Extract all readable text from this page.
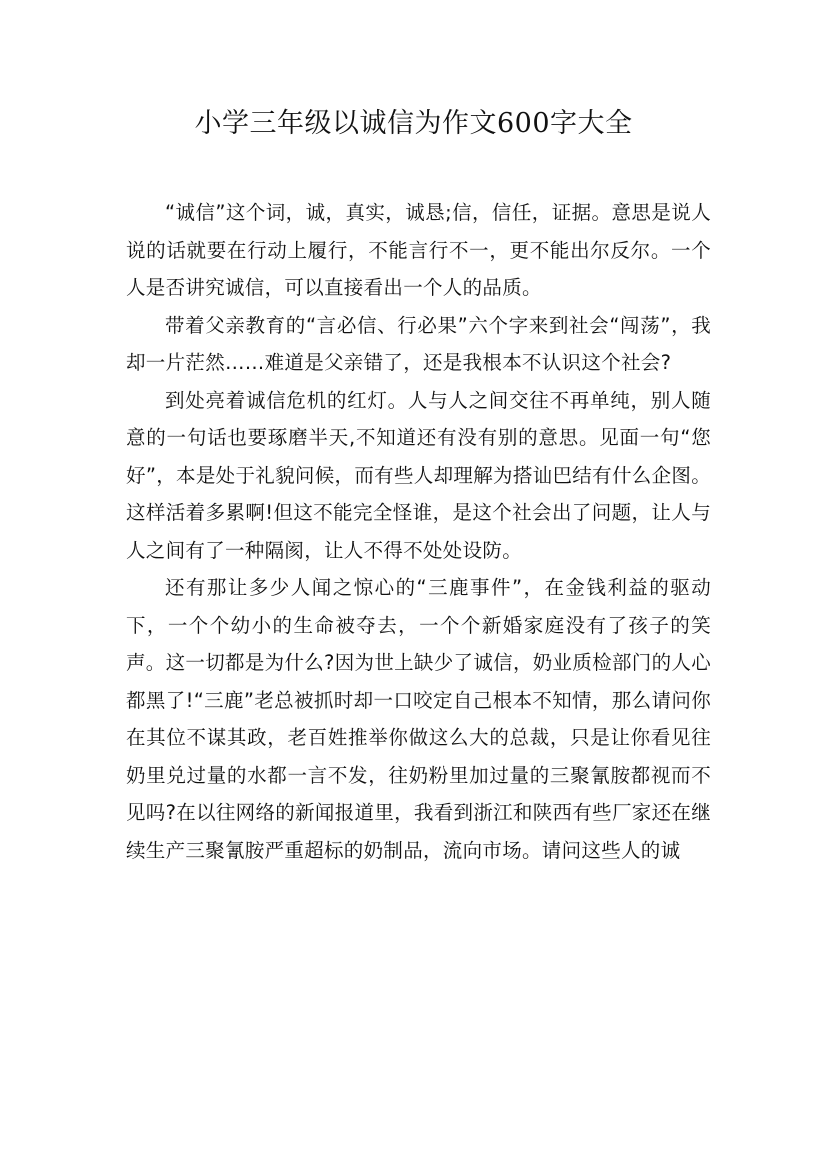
小学三年级以诚信为作文600字大全

“诚信”这个词，诚，真实，诚恳;信，信任，证据。意思是说人说的话就要在行动上履行，不能言行不一，更不能出尔反尔。一个人是否讲究诚信，可以直接看出一个人的品质。

带着父亲教育的“言必信、行必果”六个字来到社会“闯荡”，我却一片茫然……难道是父亲错了，还是我根本不认识这个社会?

到处亮着诚信危机的红灯。人与人之间交往不再单纯，别人随意的一句话也要琢磨半天,不知道还有没有别的意思。见面一句“您好”，本是处于礼貌问候，而有些人却理解为搭讪巴结有什么企图。这样活着多累啊!但这不能完全怪谁，是这个社会出了问题，让人与人之间有了一种隔阂，让人不得不处处设防。

还有那让多少人闻之惊心的“三鹿事件”，在金钱利益的驱动下，一个个幼小的生命被夺去，一个个新婚家庭没有了孩子的笑声。这一切都是为什么?因为世上缺少了诚信，奶业质检部门的人心都黑了!“三鹿”老总被抓时却一口咬定自己根本不知情，那么请问你在其位不谋其政，老百姓推举你做这么大的总裁，只是让你看见往奶里兑过量的水都一言不发，往奶粉里加过量的三聚氰胺都视而不见吗?在以往网络的新闻报道里，我看到浙江和陕西有些厂家还在继续生产三聚氰胺严重超标的奶制品，流向市场。请问这些人的诚
